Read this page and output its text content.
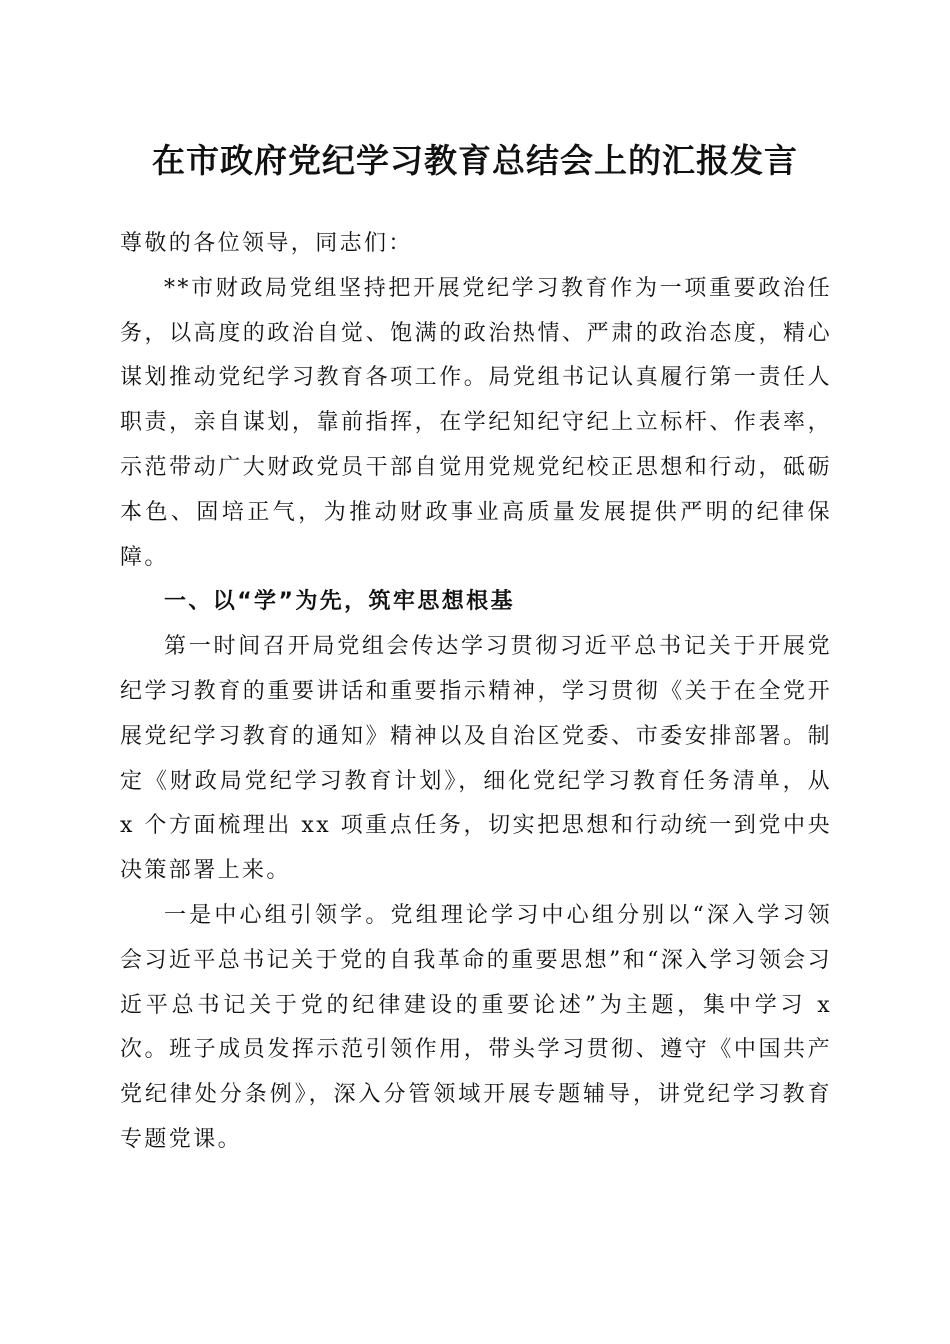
在市政府党纪学习教育总结会上的汇报发言

尊敬的各位领导，同志们：

**市财政局党组坚持把开展党纪学习教育作为一项重要政治任务，以高度的政治自觉、饱满的政治热情、严肃的政治态度，精心谋划推动党纪学习教育各项工作。局党组书记认真履行第一责任人职责，亲自谋划，靠前指挥，在学纪知纪守纪上立标杆、作表率，示范带动广大财政党员干部自觉用党规党纪校正思想和行动，砥砺本色、固培正气，为推动财政事业高质量发展提供严明的纪律保障。

一、以“学”为先，筑牢思想根基

第一时间召开局党组会传达学习贯彻习近平总书记关于开展党纪学习教育的重要讲话和重要指示精神，学习贯彻《关于在全党开展党纪学习教育的通知》精神以及自治区党委、市委安排部署。制定《财政局党纪学习教育计划》，细化党纪学习教育任务清单，从 x 个方面梳理出 xx 项重点任务，切实把思想和行动统一到党中央决策部署上来。

一是中心组引领学。党组理论学习中心组分别以“深入学习领会习近平总书记关于党的自我革命的重要思想”和“深入学习领会习近平总书记关于党的纪律建设的重要论述”为主题，集中学习 x 次。班子成员发挥示范引领作用，带头学习贯彻、遵守《中国共产党纪律处分条例》，深入分管领域开展专题辅导，讲党纪学习教育专题党课。
